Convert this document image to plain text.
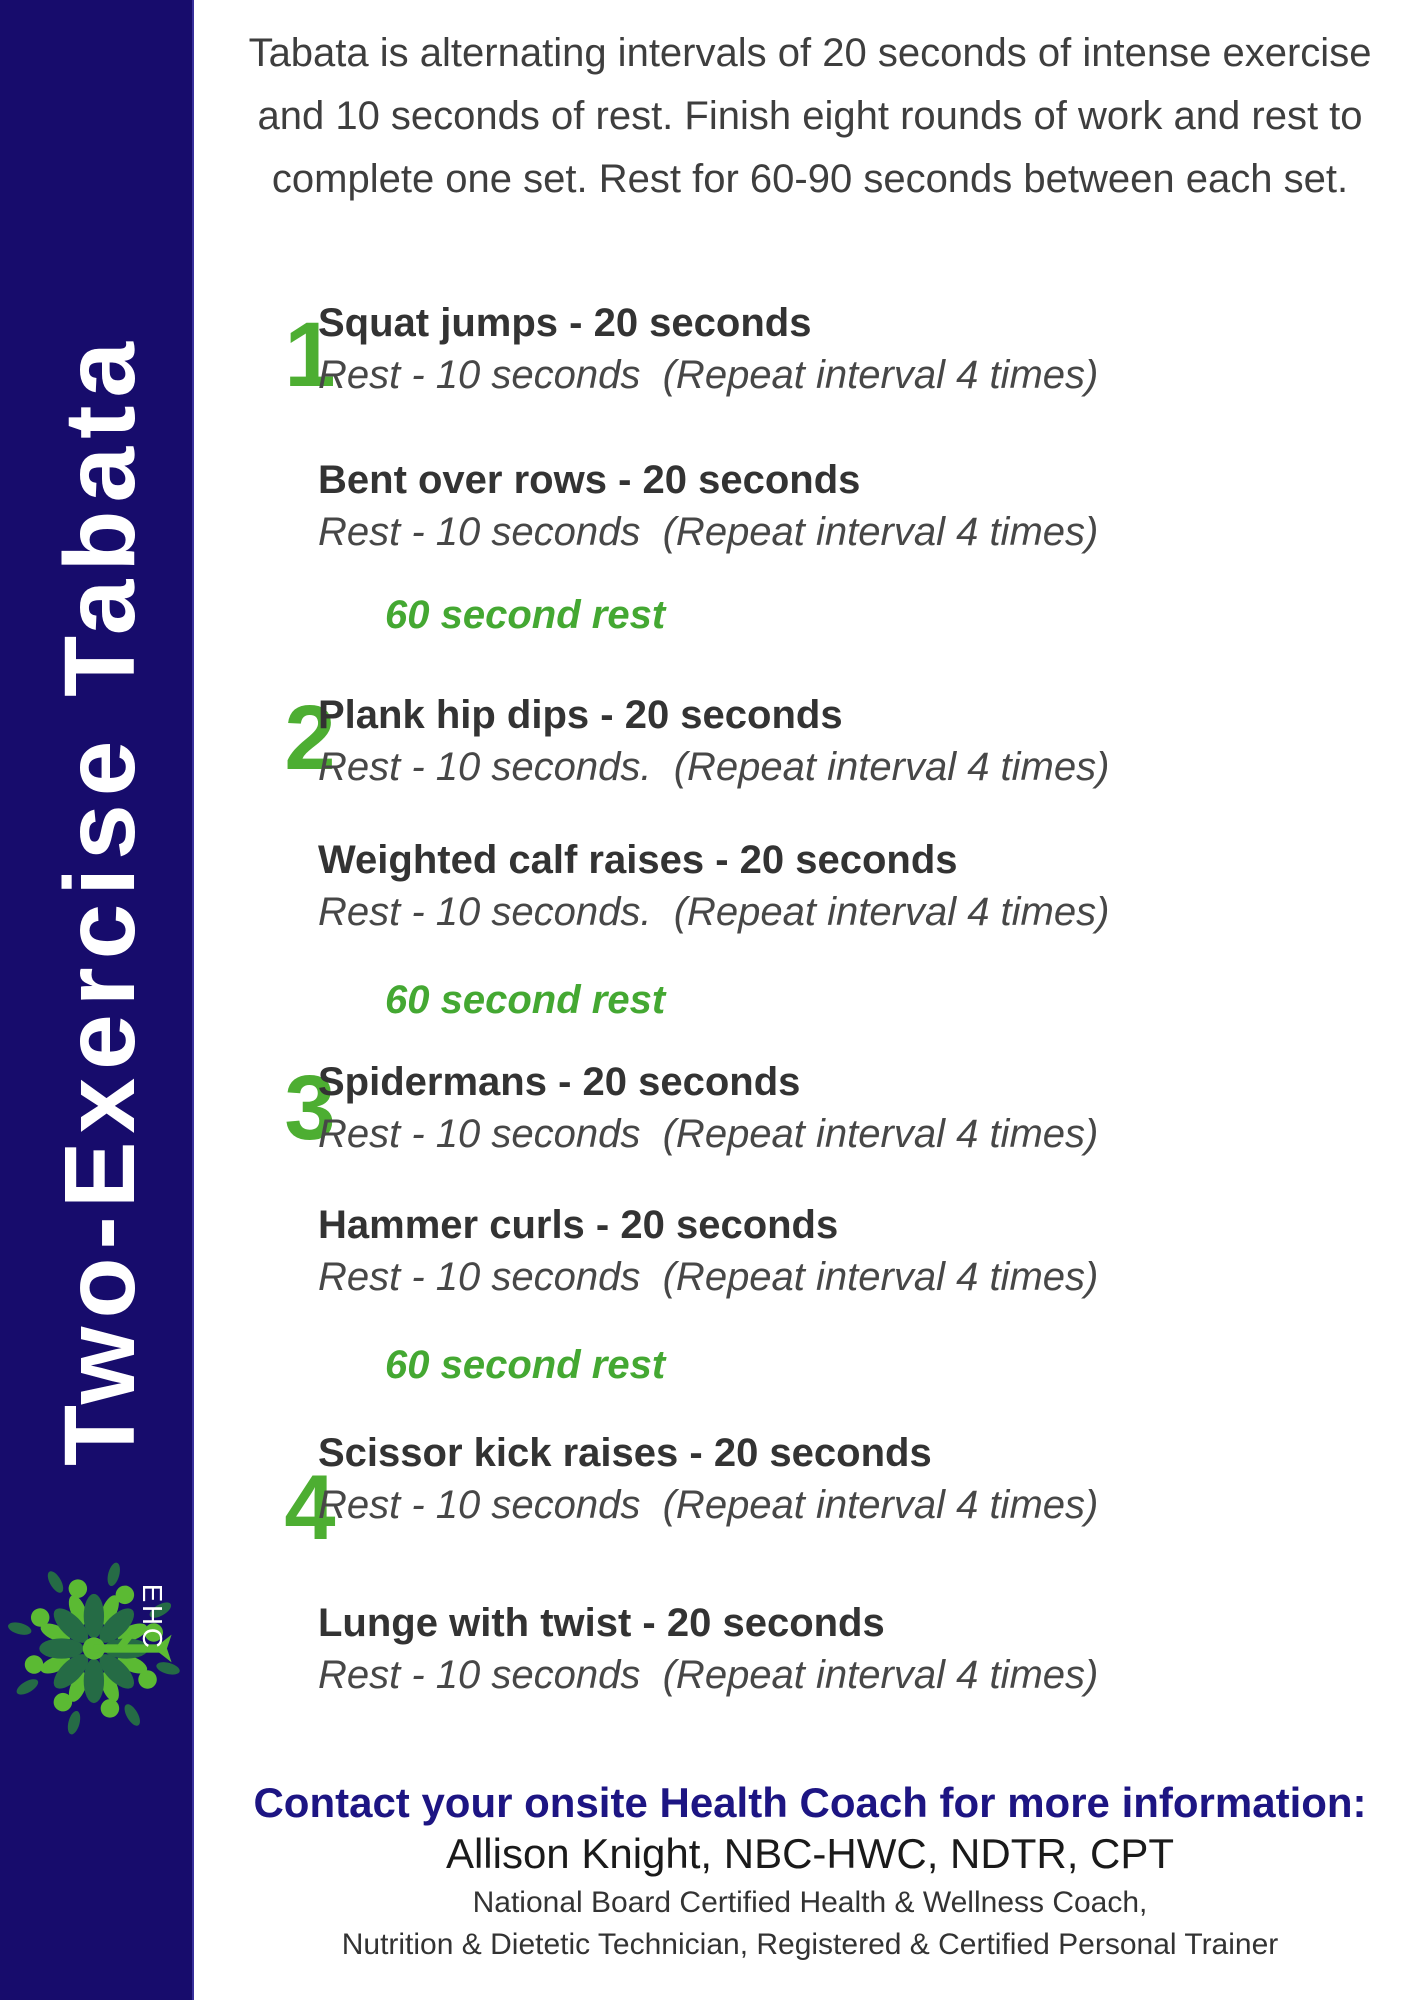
Two-Exercise Tabata
EHC

Tabata is alternating intervals of 20 seconds of intense exercise and 10 seconds of rest. Finish eight rounds of work and rest to complete one set. Rest for 60-90 seconds between each set.

1
Squat jumps - 20 seconds
Rest - 10 seconds  (Repeat interval 4 times)
Bent over rows - 20 seconds
Rest - 10 seconds  (Repeat interval 4 times)
60 second rest
2
Plank hip dips - 20 seconds
Rest - 10 seconds.  (Repeat interval 4 times)
Weighted calf raises - 20 seconds
Rest - 10 seconds.  (Repeat interval 4 times)
60 second rest
3
Spidermans - 20 seconds
Rest - 10 seconds  (Repeat interval 4 times)
Hammer curls - 20 seconds
Rest - 10 seconds  (Repeat interval 4 times)
60 second rest
4
Scissor kick raises - 20 seconds
Rest - 10 seconds  (Repeat interval 4 times)
Lunge with twist - 20 seconds
Rest - 10 seconds  (Repeat interval 4 times)

Contact your onsite Health Coach for more information:

Allison Knight, NBC-HWC, NDTR, CPT

National Board Certified Health & Wellness Coach,

Nutrition & Dietetic Technician, Registered & Certified Personal Trainer
